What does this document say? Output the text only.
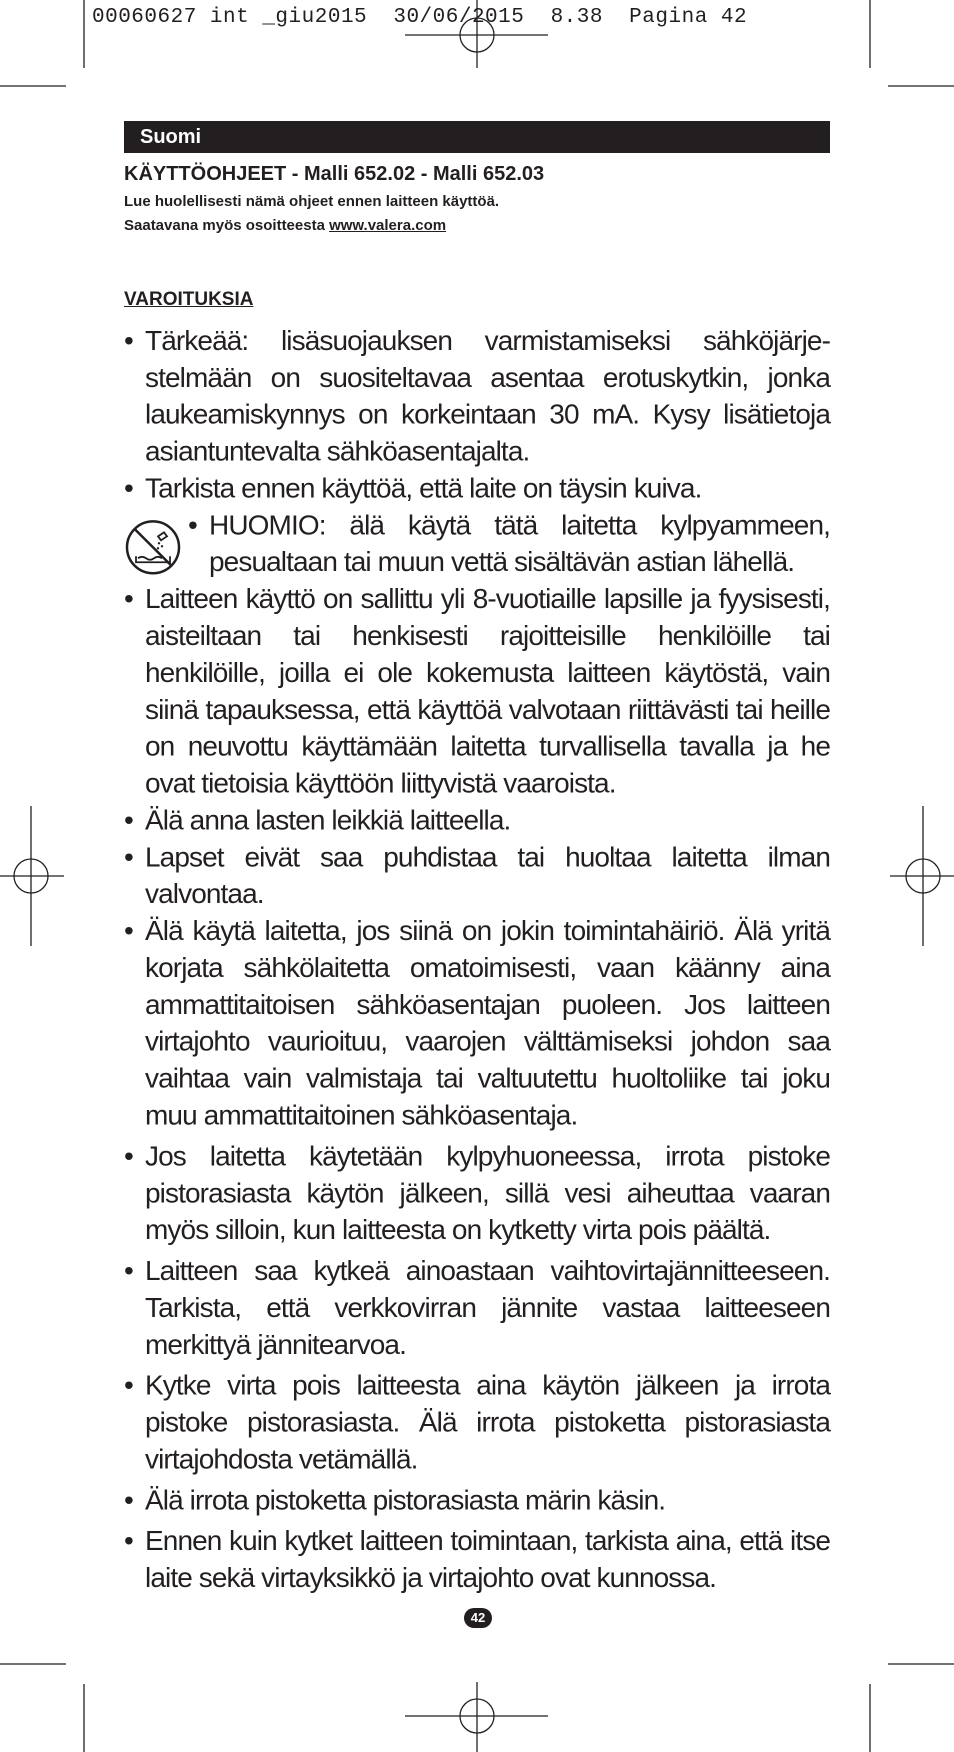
00060627 int _giu2015  30/06/2015  8.38  Pagina 42
Suomi
KÄYTTÖOHJEET - Malli 652.02 - Malli 652.03
Lue huolellisesti nämä ohjeet ennen laitteen käyttöä.
Saatavana myös osoitteesta www.valera.com
VAROITUKSIA
• Tärkeää: lisäsuojauksen varmistamiseksi sähköjärje-stelmään on suositeltavaa asentaa erotuskytkin, jonka laukeamiskynnys on korkeintaan 30 mA. Kysy lisätietoja asiantuntevalta sähköasentajalta.
• Tarkista ennen käyttöä, että laite on täysin kuiva.
• HUOMIO: älä käytä tätä laitetta kylpyammeen, pesualtaan tai muun vettä sisältävän astian lähellä.
• Laitteen käyttö on sallittu yli 8-vuotiaille lapsille ja fyysisesti, aisteiltaan tai henkisesti rajoitteisille henkilöille tai henkilöille, joilla ei ole kokemusta laitteen käytöstä, vain siinä tapauksessa, että käyttöä valvotaan riittävästi tai heille on neuvottu käyttämään laitetta turvallisella tavalla ja he ovat tietoisia käyttöön liittyvistä vaaroista.
• Älä anna lasten leikkiä laitteella.
• Lapset eivät saa puhdistaa tai huoltaa laitetta ilman valvontaa.
• Älä käytä laitetta, jos siinä on jokin toimintahäiriö. Älä yritä korjata sähkölaitetta omatoimisesti, vaan käänny aina ammattitaitoisen sähköasentajan puoleen. Jos laitteen virtajohto vaurioituu, vaarojen välttämiseksi johdon saa vaihtaa vain valmistaja tai valtuutettu huoltoliike tai joku muu ammattitaitoinen sähköasentaja.
• Jos laitetta käytetään kylpyhuoneessa, irrota pistoke pistorasiasta käytön jälkeen, sillä vesi aiheuttaa vaaran myös silloin, kun laitteesta on kytketty virta pois päältä.
• Laitteen saa kytkeä ainoastaan vaihtovirtajännitteeseen. Tarkista, että verkkovirran jännite vastaa laitteeseen merkittyä jännitearvoa.
• Kytke virta pois laitteesta aina käytön jälkeen ja irrota pistoke pistorasiasta. Älä irrota pistoketta pistorasiasta virtajohdosta vetämällä.
• Älä irrota pistoketta pistorasiasta märin käsin.
• Ennen kuin kytket laitteen toimintaan, tarkista aina, että itse laite sekä virtayksikkö ja virtajohto ovat kunnossa.
42
